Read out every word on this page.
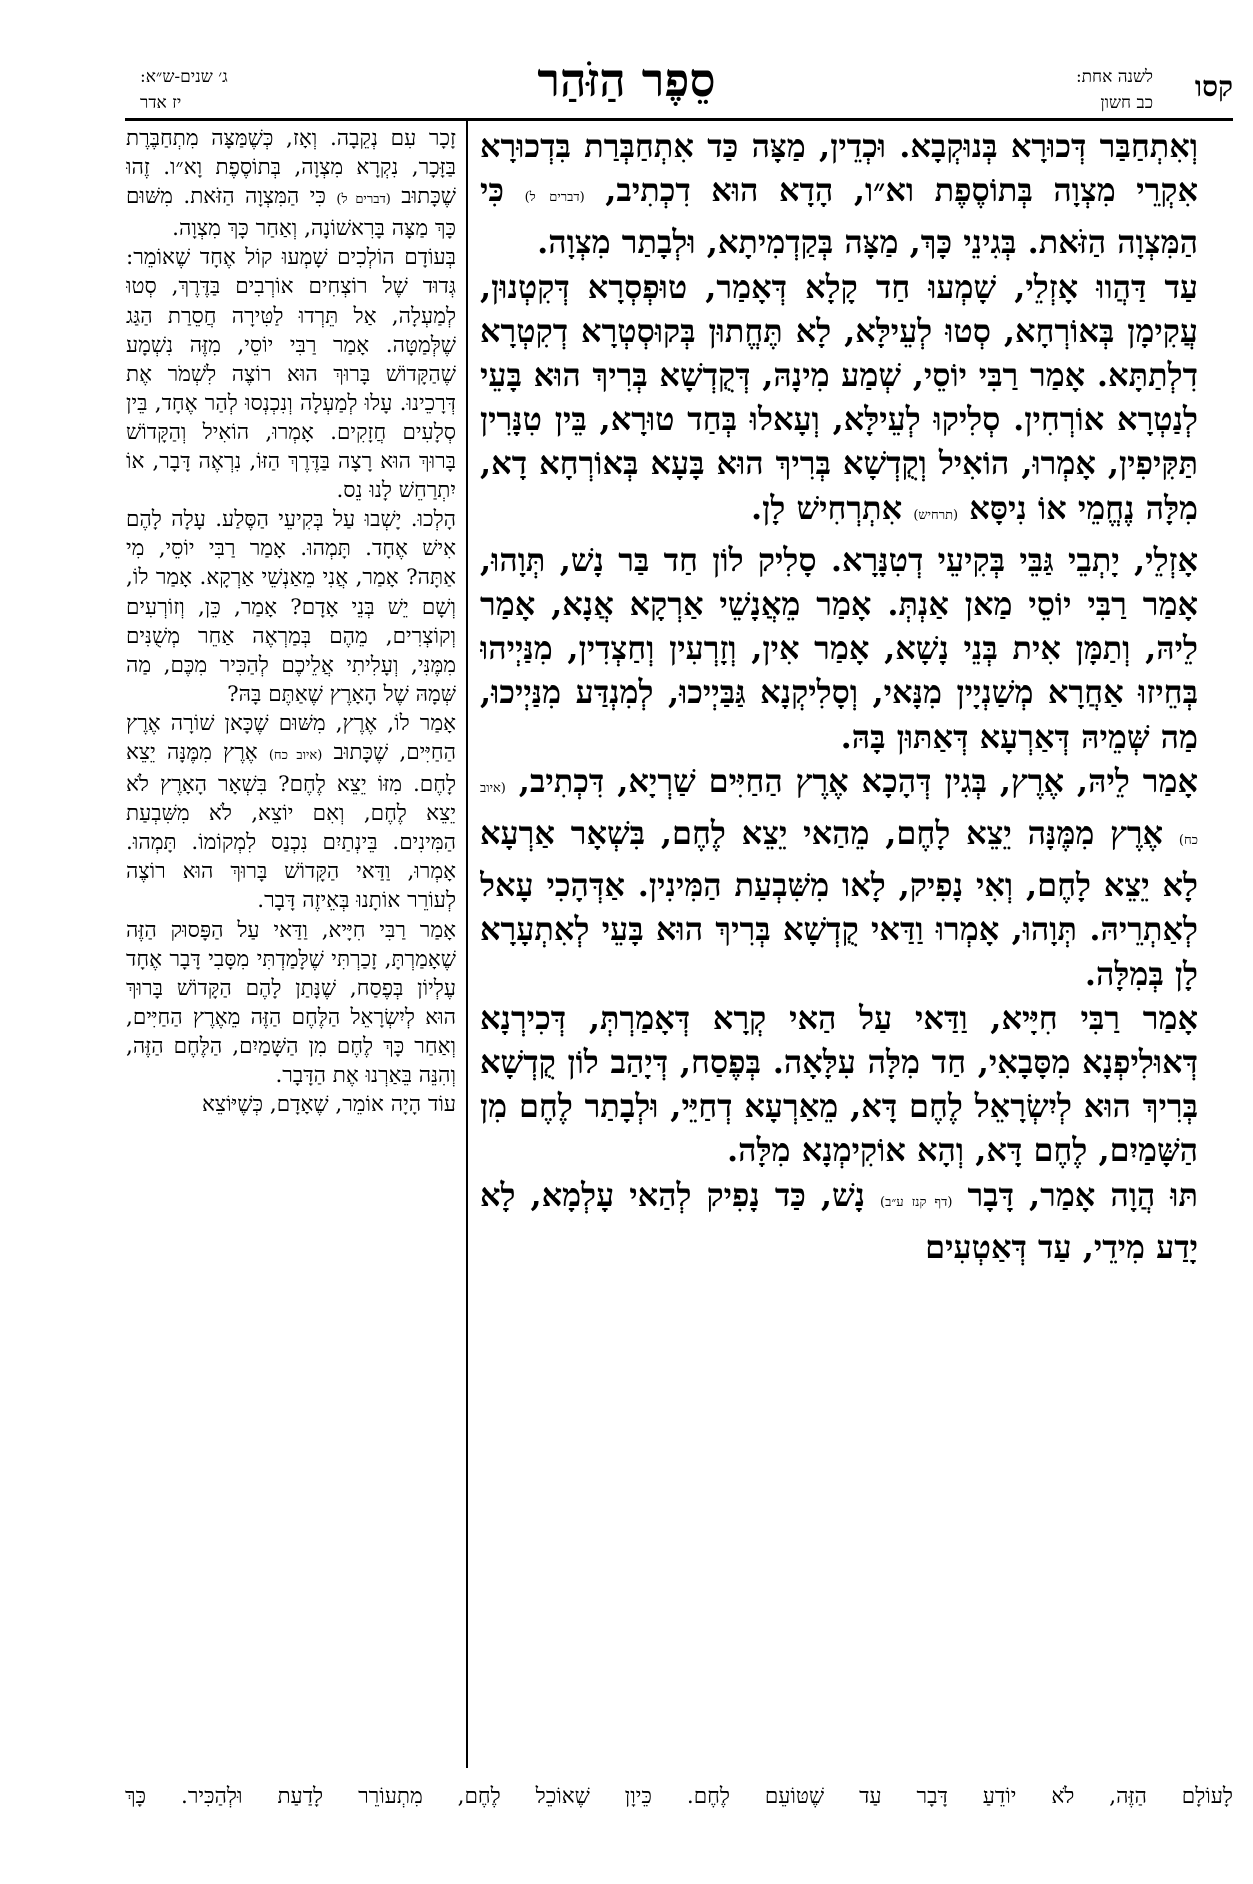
קסו
לשנה אחת:
כב חשון
סֵפֶר הַזֹּהַר
ג׳ שנים-ש״א:
יז אדר

וְאִתְחַבַּר דְּכוּרָא בְּנוּקְבָא. וּכְדֵין, מַצָּה כַּד אִתְחַבְּרַת בִּדְכוּרָא אִקְרֵי מִצְוָה בְּתוֹסֶפֶת וא״ו, הָדָא הוּא דִכְתִיב, (דברים ל) כִּי הַמִּצְוָה הַזֹּאת. בְּגִינֵי כָּךְ, מַצָּה בְּקַדְמִיתָא, וּלְבָתַר מִצְוָה.

עַד דַּהֲווּ אָזְלֵי, שָׁמְעוּ חַד קָלָא דְּאָמַר, טוּפְסְרָא דְּקִטְנוּן, עֲקִימָן בְּאוֹרְחָא, סְטוּ לְעֵילָּא, לָא תֶּחֱתוּן בְּקוּסְטְרָא דְקִטְרָא דִלְתַתָּא. אָמַר רַבִּי יוֹסֵי, שְׁמַע מִינָהּ, דְּקֻדְשָׁא בְּרִיךְ הוּא בָּעֵי לְנַטְרָא אוֹרְחִין. סְלִיקוּ לְעֵילָּא, וְעָאלוּ בְּחַד טוּרָא, בֵּין טִנָּרִין תַּקִּיפִין, אָמְרוּ, הוֹאִיל וְקֻדְשָׁא בְּרִיךְ הוּא בָּעָא בְּאוֹרְחָא דָא, מִלָּה נֶחֱמֵי אוֹ נִיסָּא (תרחיש) אִתְרְחִישׁ לָן.

אָזְלֵי, יָתְבֵי גַּבֵּי בְּקִיעֵי דְטִנָּרָא. סָלִיק לוֹן חַד בַּר נָשׁ, תְּוָהוּ, אָמַר רַבִּי יוֹסֵי מַאן אַנְתְּ. אָמַר מֵאֲנָשֵׁי אַרְקָא אֲנָא, אָמַר לֵיהּ, וְתַמָּן אִית בְּנֵי נָשָׁא, אָמַר אִין, וְזָרְעִין וְחַצְדִין, מִנַּיְיהוּ בְּחֵיזוּ אַחֲרָא מְשַׁנְיָין מִנָּאי, וְסָלִיקְנָא גַּבַּיְיכוּ, לְמִנְדַּע מִנַּיְיכוּ, מַה שְּׁמֵיהּ דְּאַרְעָא דְּאַתּוּן בָּהּ.

אָמַר לֵיהּ, אֶרֶץ, בְּגִין דְּהָכָא אֶרֶץ הַחַיִּים שַׁרְיָא, דִּכְתִיב, (איוב כח) אֶרֶץ מִמֶּנָּה יֵצֵא לָחֶם, מֵהַאי יֵצֵא לֶחֶם, בִּשְׁאָר אַרְעָא לָא יֵצֵא לָחֶם, וְאִי נָפִיק, לָאו מִשִּׁבְעַת הַמִּינִין. אַדְּהָכִי עָאל לְאַתְרֵיהּ. תְּוָהוּ, אָמְרוּ וַדַּאי קֻדְשָׁא בְּרִיךְ הוּא בָּעֵי לְאִתְעָרָא לָן בְּמִלָּה.

אָמַר רַבִּי חִיָּיא, וַדַּאי עַל הַאי קְרָא דְּאָמַרְתְּ, דְּכִירְנָא דְּאוּלִיפְנָא מִסָּבָאִי, חַד מִלָּה עִלָּאָה. בְּפֶסַח, דְּיָהַב לוֹן קֻדְשָׁא בְּרִיךְ הוּא לְיִשְׂרָאֵל לֶחֶם דָּא, מֵאַרְעָא דְחַיֵּי, וּלְבָתַר לֶחֶם מִן הַשָּׁמַיִם, לֶחֶם דָּא, וְהָא אוֹקִימְנָא מִלָּה.

תּוּ הֲוָה אָמַר, דָּבָר (דף קנז ע״ב) נָשׁ, כַּד נָפִיק לְהַאי עָלְמָא, לָא יָדַע מִידֵי, עַד דְּאַטְעִים

זָכָר עִם נְקֵבָה. וְאָז, כְּשֶׁמַּצָּה מִתְחַבֶּרֶת בַּזָּכָר, נִקְרָא מִצְוָה, בְּתוֹסֶפֶת וָא״ו. זֶהוּ שֶׁכָּתוּב (דברים ל) כִּי הַמִּצְוָה הַזֹּאת. מִשּׁוּם כָּךְ מַצָּה בָּרִאשׁוֹנָה, וְאַחַר כָּךְ מִצְוָה.

בְּעוֹדָם הוֹלְכִים שָׁמְעוּ קוֹל אֶחָד שֶׁאוֹמֵר: גְּדוּד שֶׁל רוֹצְחִים אוֹרְבִים בַּדֶּרֶךְ, סְטוּ לְמַעְלָה, אַל תֵּרְדוּ לַטִּירָה חֲסֵרַת הַגַּג שֶׁלְּמַטָּה. אָמַר רַבִּי יוֹסֵי, מִזֶּה נִשְׁמָע שֶׁהַקָּדוֹשׁ בָּרוּךְ הוּא רוֹצֶה לִשְׁמֹר אֶת דְּרָכֵינוּ. עָלוּ לְמַעְלָה וְנִכְנְסוּ לְהַר אֶחָד, בֵּין סְלָעִים חֲזָקִים. אָמְרוּ, הוֹאִיל וְהַקָּדוֹשׁ בָּרוּךְ הוּא רָצָה בַּדֶּרֶךְ הַזּוֹ, נִרְאֶה דָּבָר, אוֹ יִתְרַחֵשׁ לָנוּ נֵס.

הָלְכוּ. יָשְׁבוּ עַל בְּקִיעֵי הַסֶּלַע. עָלָה לָהֶם אִישׁ אֶחָד. תָּמְהוּ. אָמַר רַבִּי יוֹסֵי, מִי אַתָּה? אָמַר, אֲנִי מֵאַנְשֵׁי אַרְקָא. אָמַר לוֹ, וְשָׁם יֵשׁ בְּנֵי אָדָם? אָמַר, כֵּן, וְזוֹרְעִים וְקוֹצְרִים, מֵהֶם בְּמַרְאֶה אַחֵר מְשֻׁנִּים מִמֶּנִּי, וְעָלִיתִי אֲלֵיכֶם לְהַכִּיר מִכֶּם, מַה שְּׁמָהּ שֶׁל הָאָרֶץ שֶׁאַתֶּם בָּהּ?

אָמַר לוֹ, אֶרֶץ, מִשּׁוּם שֶׁכָּאן שׁוֹרָה אֶרֶץ הַחַיִּים, שֶׁכָּתוּב (איוב כח) אֶרֶץ מִמֶּנָּה יֵצֵא לָחֶם. מִזּוֹ יֵצֵא לֶחֶם? בִּשְׁאָר הָאָרֶץ לֹא יֵצֵא לֶחֶם, וְאִם יוֹצֵא, לֹא מִשִּׁבְעַת הַמִּינִים. בֵּינְתַיִם נִכְנַס לִמְקוֹמוֹ. תָּמְהוּ. אָמְרוּ, וַדַּאי הַקָּדוֹשׁ בָּרוּךְ הוּא רוֹצֶה לְעוֹרֵר אוֹתָנוּ בְּאֵיזֶה דָּבָר.

אָמַר רַבִּי חִיָּיא, וַדַּאי עַל הַפָּסוּק הַזֶּה שֶׁאָמַרְתָּ, זָכַרְתִּי שֶׁלָּמַדְתִּי מִסָּבִי דָּבָר אֶחָד עֶלְיוֹן בְּפֶסַח, שֶׁנָּתַן לָהֶם הַקָּדוֹשׁ בָּרוּךְ הוּא לְיִשְׂרָאֵל הַלֶּחֶם הַזֶּה מֵאֶרֶץ הַחַיִּים, וְאַחַר כָּךְ לֶחֶם מִן הַשָּׁמַיִם, הַלֶּחֶם הַזֶּה, וְהִנֵּה בֵּאַרְנוּ אֶת הַדָּבָר.

עוֹד הָיָה אוֹמֵר, שֶׁאָדָם, כְּשֶׁיּוֹצֵא

לָעוֹלָם הַזֶּה, לֹא יוֹדֵעַ דָּבָר עַד שֶׁטּוֹעֵם לֶחֶם. כֵּיוָן שֶׁאוֹכֵל לֶחֶם, מִתְעוֹרֵר לָדַעַת וּלְהַכִּיר. כָּךְ
